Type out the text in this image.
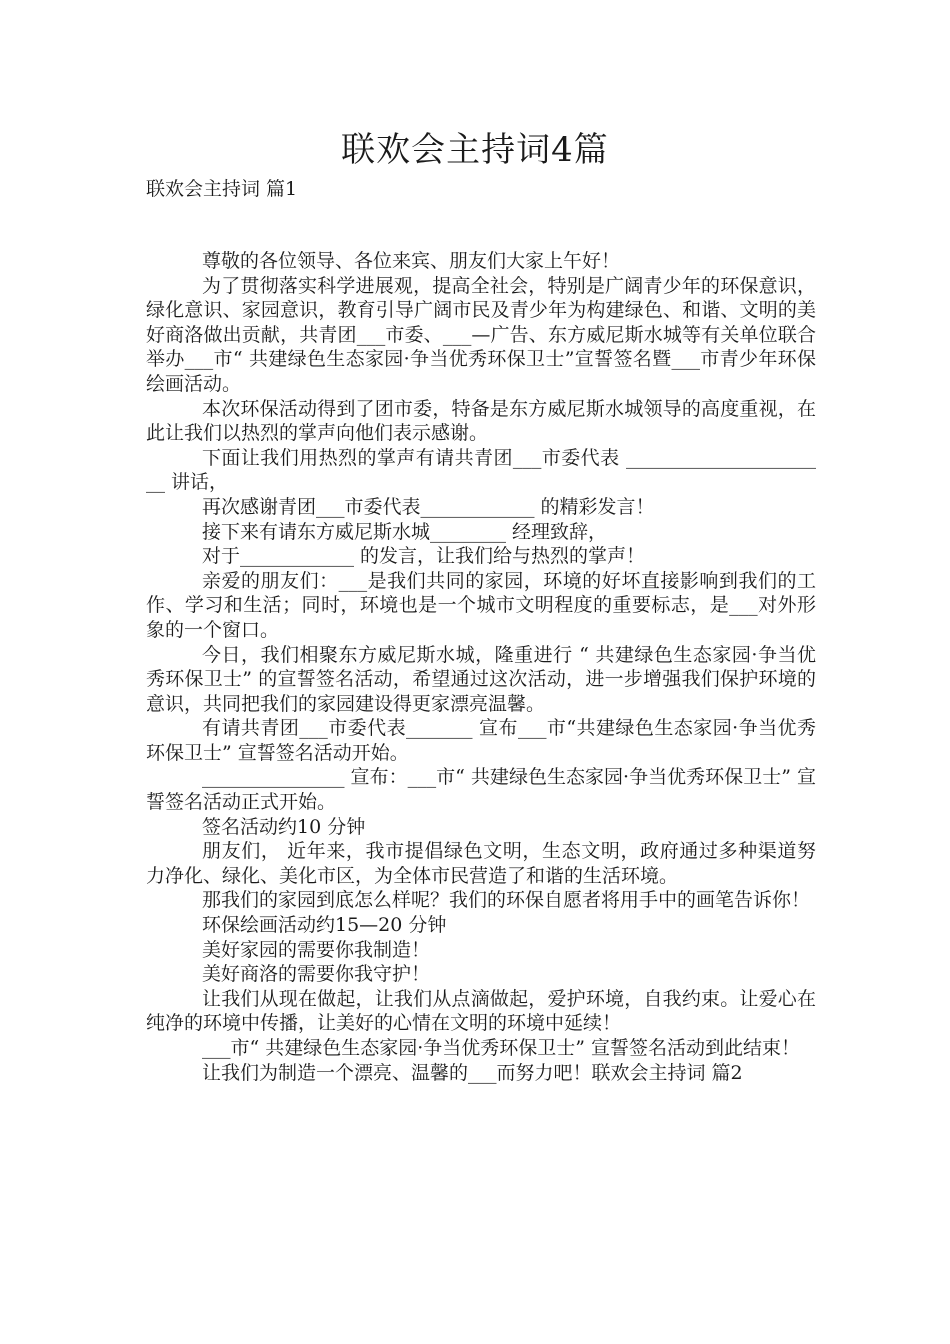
联欢会主持词4篇
联欢会主持词 篇1

尊敬的各位领导、各位来宾、朋友们大家上午好！

为了贯彻落实科学进展观，提高全社会，特别是广阔青少年的环保意识，绿化意识、家园意识，教育引导广阔市民及青少年为构建绿色、和谐、文明的美好商洛做出贡献，共青团___市委、___—广告、东方威尼斯水城等有关单位联合举办___市“ 共建绿色生态家园·争当优秀环保卫士”宣誓签名暨___市青少年环保绘画活动。

本次环保活动得到了团市委，特备是东方威尼斯水城领导的高度重视，在此让我们以热烈的掌声向他们表示感谢。

下面让我们用热烈的掌声有请共青团___市委代表 ______________________ 讲话，

再次感谢青团___市委代表____________ 的精彩发言！

接下来有请东方威尼斯水城________ 经理致辞，

对于____________ 的发言，让我们给与热烈的掌声！

亲爱的朋友们：___是我们共同的家园，环境的好坏直接影响到我们的工作、学习和生活；同时，环境也是一个城市文明程度的重要标志，是___对外形象的一个窗口。

今日，我们相聚东方威尼斯水城，隆重进行 “ 共建绿色生态家园·争当优秀环保卫士” 的宣誓签名活动，希望通过这次活动，进一步增强我们保护环境的意识，共同把我们的家园建设得更家漂亮温馨。

有请共青团___市委代表_______ 宣布___市“共建绿色生态家园·争当优秀环保卫士” 宣誓签名活动开始。

_______________ 宣布：___市“ 共建绿色生态家园·争当优秀环保卫士” 宣誓签名活动正式开始。

签名活动约10 分钟

朋友们， 近年来，我市提倡绿色文明，生态文明，政府通过多种渠道努力净化、绿化、美化市区，为全体市民营造了和谐的生活环境。

那我们的家园到底怎么样呢？我们的环保自愿者将用手中的画笔告诉你！

环保绘画活动约15—20 分钟

美好家园的需要你我制造！

美好商洛的需要你我守护！

让我们从现在做起，让我们从点滴做起，爱护环境，自我约束。让爱心在纯净的环境中传播，让美好的心情在文明的环境中延续！

___市“ 共建绿色生态家园·争当优秀环保卫士” 宣誓签名活动到此结束！

让我们为制造一个漂亮、温馨的___而努力吧！联欢会主持词 篇2
